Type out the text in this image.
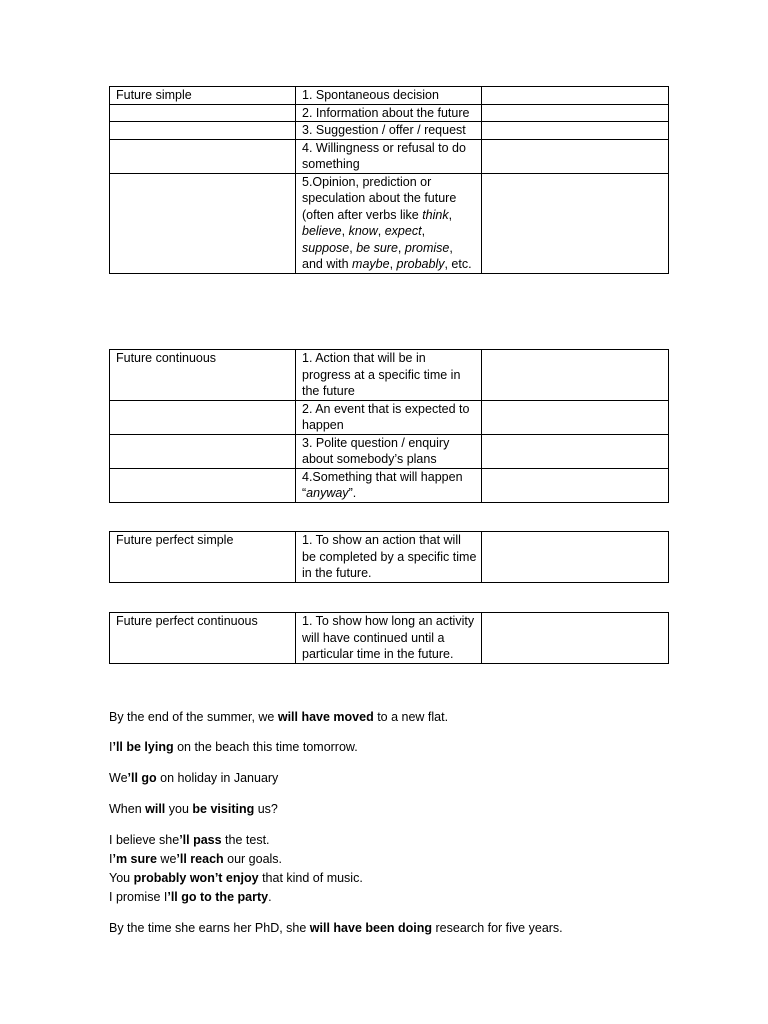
Future simple	1. Spontaneous decision	
	2. Information about the future	
	3. Suggestion / offer / request	
	4. Willingness or refusal to do something	
	5.Opinion, prediction or speculation about the future (often after verbs like think, believe, know, expect, suppose, be sure, promise, and with maybe, probably, etc.	
Future continuous	1. Action that will be in progress at a specific time in the future	
	2. An event that is expected to happen	
	3. Polite question / enquiry about somebody’s plans	
	4.Something that will happen “anyway”.	
Future perfect simple	1. To show an action that will be completed by a specific time in the future.	
Future perfect continuous	1. To show how long an activity will have continued until a particular time in the future.	

By the end of the summer, we will have moved to a new flat.

I’ll be lying on the beach this time tomorrow.

We’ll go on holiday in January

When will you be visiting us?

I believe she’ll pass the test.

I’m sure we’ll reach our goals.

You probably won’t enjoy that kind of music.

I promise I’ll go to the party.

By the time she earns her PhD, she will have been doing research for five years.
